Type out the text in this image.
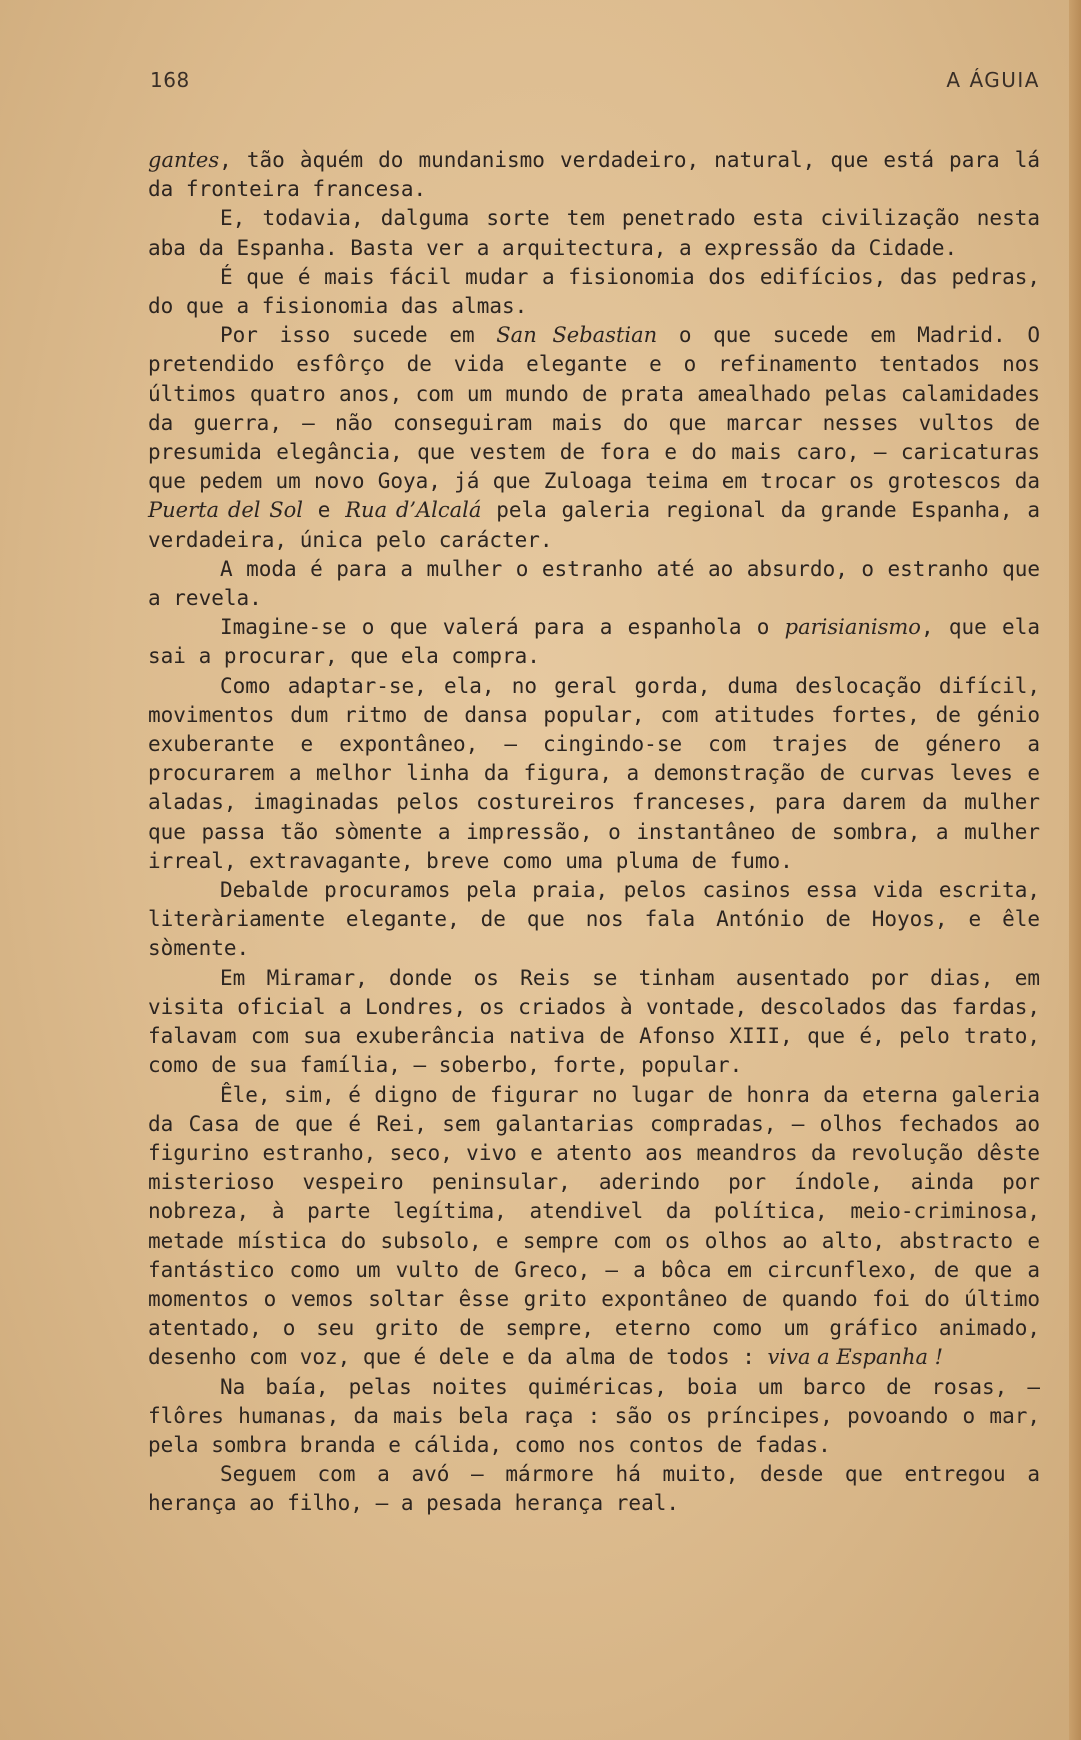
168	A ÁGUIA

gantes, tão àquém do mundanismo verdadeiro, natural, que está para lá da fronteira francesa.

E, todavia, dalguma sorte tem penetrado esta civilização nesta aba da Espanha. Basta ver a arquitectura, a expressão da Cidade.

É que é mais fácil mudar a fisionomia dos edifícios, das pedras, do que a fisionomia das almas.

Por isso sucede em San Sebastian o que sucede em Madrid. O pretendido esfôrço de vida elegante e o refinamento tentados nos últimos quatro anos, com um mundo de prata amealhado pelas calamidades da guerra, — não conseguiram mais do que marcar nesses vultos de presumida elegância, que vestem de fora e do mais caro, — caricaturas que pedem um novo Goya, já que Zuloaga teima em trocar os grotescos da Puerta del Sol e Rua d’Alcalá pela galeria regional da grande Espanha, a verdadeira, única pelo carácter.

A moda é para a mulher o estranho até ao absurdo, o estranho que a revela.

Imagine-se o que valerá para a espanhola o parisianismo, que ela sai a procurar, que ela compra.

Como adaptar-se, ela, no geral gorda, duma deslocação difícil, movimentos dum ritmo de dansa popular, com atitudes fortes, de génio exuberante e expontâneo, — cingindo-se com trajes de género a procurarem a melhor linha da figura, a demonstração de curvas leves e aladas, imaginadas pelos costureiros franceses, para darem da mulher que passa tão sòmente a impressão, o instantâneo de sombra, a mulher irreal, extravagante, breve como uma pluma de fumo.

Debalde procuramos pela praia, pelos casinos essa vida escrita, literàriamente elegante, de que nos fala António de Hoyos, e êle sòmente.

Em Miramar, donde os Reis se tinham ausentado por dias, em visita oficial a Londres, os criados à vontade, descolados das fardas, falavam com sua exuberância nativa de Afonso XIII, que é, pelo trato, como de sua família, — soberbo, forte, popular.

Êle, sim, é digno de figurar no lugar de honra da eterna galeria da Casa de que é Rei, sem galantarias compradas, — olhos fechados ao figurino estranho, seco, vivo e atento aos meandros da revolução dêste misterioso vespeiro peninsular, aderindo por índole, ainda por nobreza, à parte legítima, atendivel da política, meio-criminosa, metade mística do subsolo, e sempre com os olhos ao alto, abstracto e fantástico como um vulto de Greco, — a bôca em circunflexo, de que a momentos o vemos soltar êsse grito expontâneo de quando foi do último atentado, o seu grito de sempre, eterno como um gráfico animado, desenho com voz, que é dele e da alma de todos : viva a Espanha !

Na baía, pelas noites quiméricas, boia um barco de rosas, — flôres humanas, da mais bela raça : são os príncipes, povoando o mar, pela sombra branda e cálida, como nos contos de fadas.

Seguem com a avó — mármore há muito, desde que entregou a herança ao filho, — a pesada herança real.
